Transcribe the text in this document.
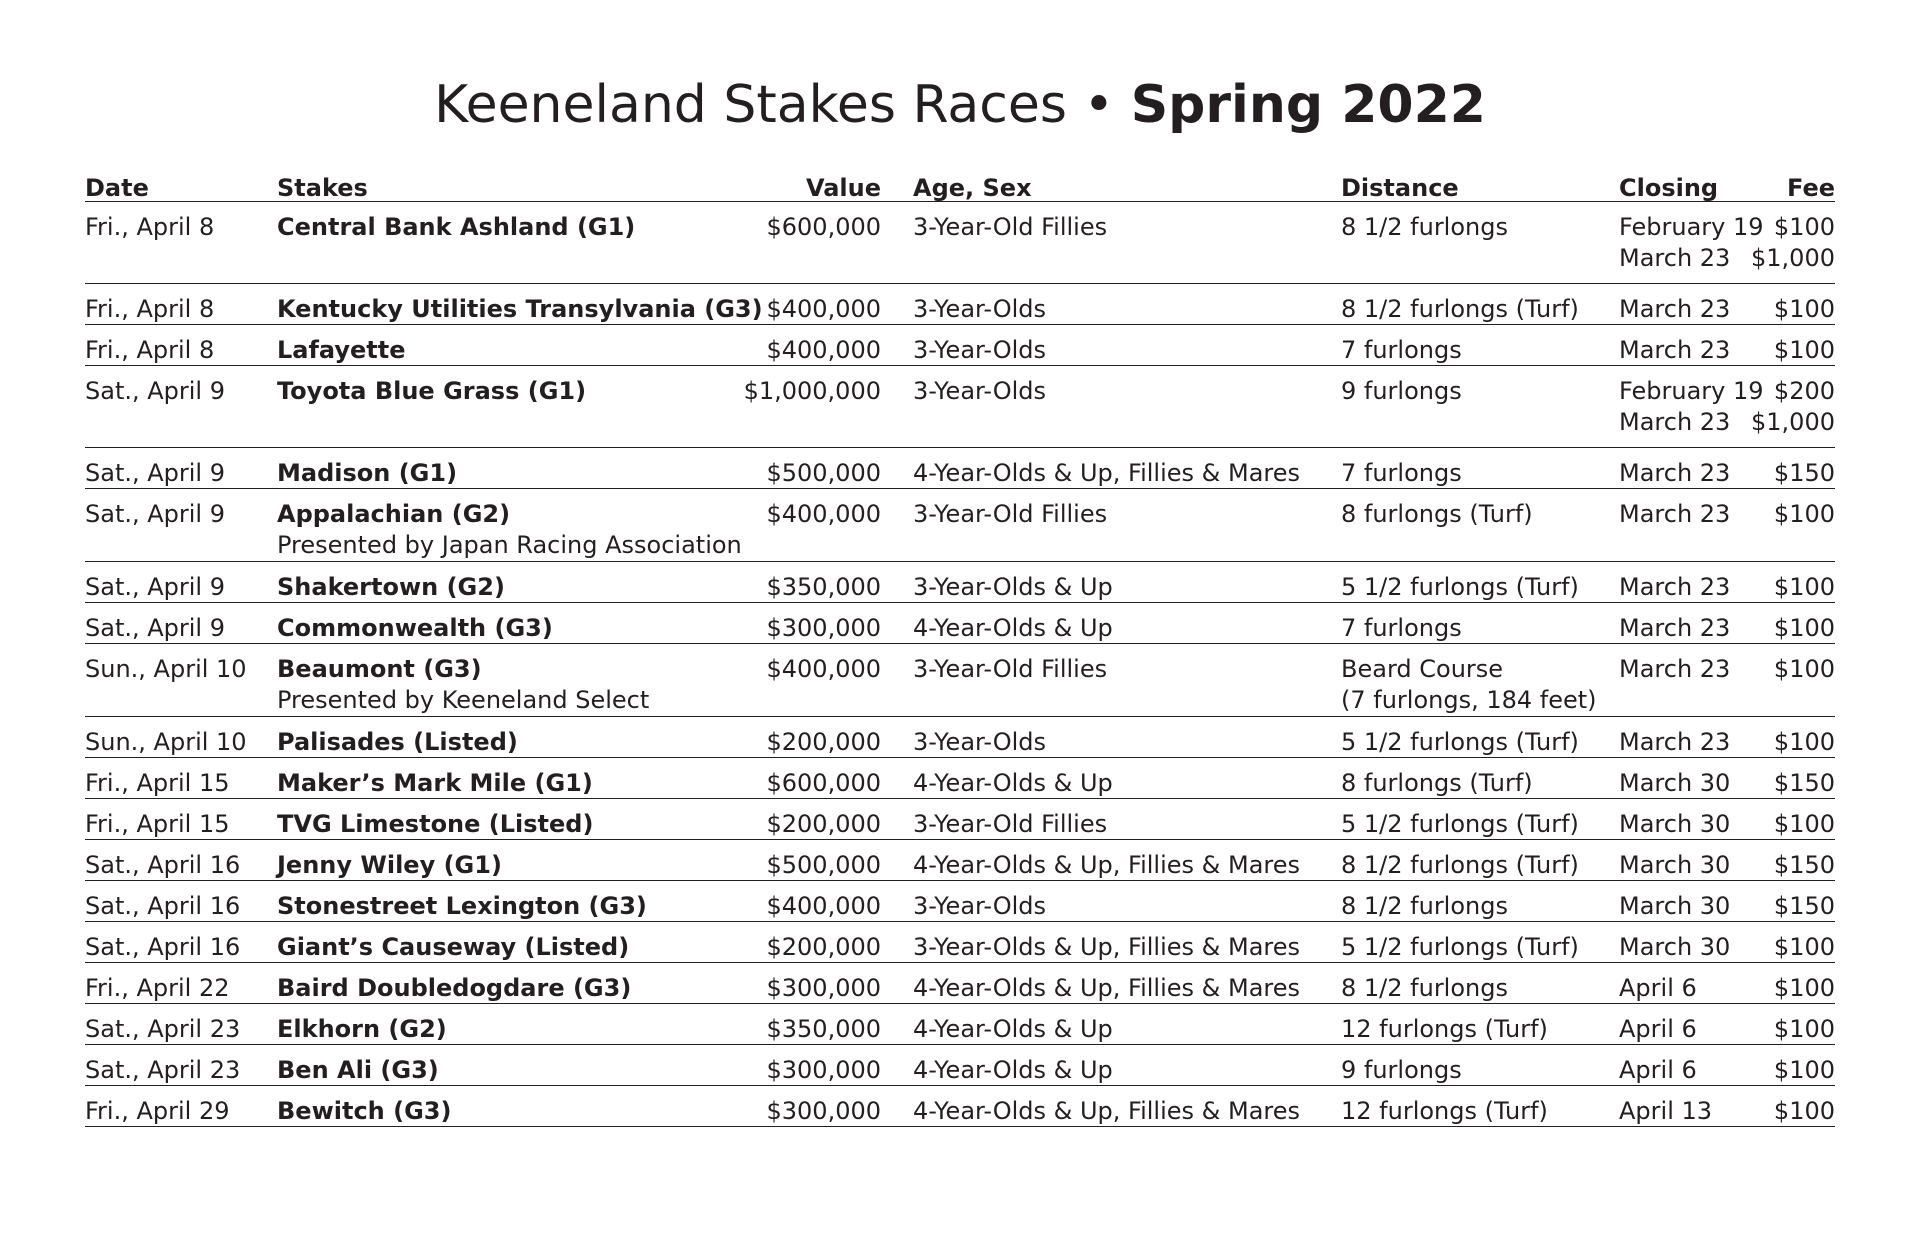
Keeneland Stakes Races • Spring 2022
Date	Stakes	Value Age, Sex	Distance	Closing	Fee
Fri., April 8	Central Bank Ashland (G1)	$600,000 3-Year-Old Fillies	8 1/2 furlongs	February 19 $100
March 23 $1,000
Fri., April 8	Kentucky Utilities Transylvania (G3) $400,000 3-Year-Olds	8 1/2 furlongs (Turf) March 23 $100
Fri., April 8	Lafayette	$400,000 3-Year-Olds	7 furlongs	March 23 $100
Sat., April 9 Toyota Blue Grass (G1)	$1,000,000 3-Year-Olds	9 furlongs	February 19 $200
March 23 $1,000
Sat., April 9 Madison (G1)	$500,000 4-Year-Olds & Up, Fillies & Mares 7 furlongs	March 23 $150
Sat., April 9 Appalachian (G2)	$400,000 3-Year-Old Fillies	8 furlongs (Turf)	March 23 $100
Presented by Japan Racing Association
Sat., April 9 Shakertown (G2)	$350,000 3-Year-Olds & Up	5 1/2 furlongs (Turf) March 23 $100
Sat., April 9 Commonwealth (G3)	$300,000 4-Year-Olds & Up	7 furlongs	March 23 $100
Sun., April 10 Beaumont (G3)	$400,000 3-Year-Old Fillies	Beard Course	March 23 $100
Presented by Keeneland Select	(7 furlongs, 184 feet)
Sun., April 10 Palisades (Listed)	$200,000 3-Year-Olds	5 1/2 furlongs (Turf) March 23 $100
Fri., April 15 Maker’s Mark Mile (G1)	$600,000 4-Year-Olds & Up	8 furlongs (Turf)	March 30 $150
Fri., April 15 TVG Limestone (Listed)	$200,000 3-Year-Old Fillies	5 1/2 furlongs (Turf) March 30 $100
Sat., April 16 Jenny Wiley (G1)	$500,000 4-Year-Olds & Up, Fillies & Mares 8 1/2 furlongs (Turf) March 30 $150
Sat., April 16 Stonestreet Lexington (G3)	$400,000 3-Year-Olds	8 1/2 furlongs	March 30 $150
Sat., April 16 Giant’s Causeway (Listed)	$200,000 3-Year-Olds & Up, Fillies & Mares 5 1/2 furlongs (Turf) March 30 $100
Fri., April 22 Baird Doubledogdare (G3)	$300,000 4-Year-Olds & Up, Fillies & Mares 8 1/2 furlongs	April 6	$100
Sat., April 23 Elkhorn (G2)	$350,000 4-Year-Olds & Up	12 furlongs (Turf)	April 6	$100
Sat., April 23 Ben Ali (G3)	$300,000 4-Year-Olds & Up	9 furlongs	April 6	$100
Fri., April 29 Bewitch (G3)	$300,000 4-Year-Olds & Up, Fillies & Mares 12 furlongs (Turf)	April 13	$100
